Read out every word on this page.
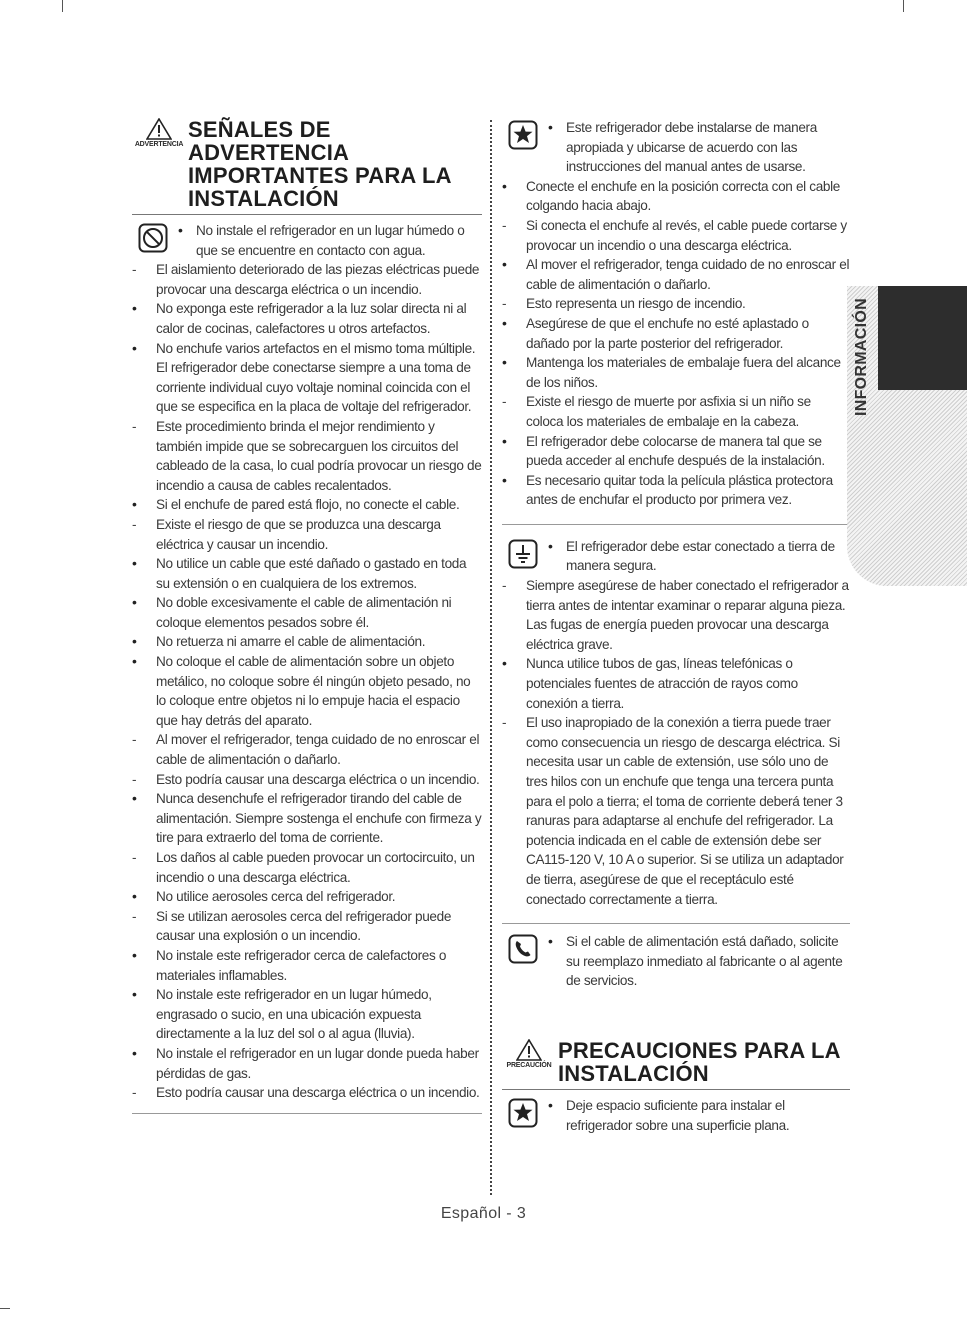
ADVERTENCIA
SEÑALES DE ADVERTENCIA
IMPORTANTES PARA LA
INSTALACIÓN
• No instale el refrigerador en un lugar húmedo o que se encuentre en contacto con agua.
- El aislamiento deteriorado de las piezas eléctricas puede provocar una descarga eléctrica o un incendio.
• No exponga este refrigerador a la luz solar directa ni al calor de cocinas, calefactores u otros artefactos.
• No enchufe varios artefactos en el mismo toma múltiple. El refrigerador debe conectarse siempre a una toma de corriente individual cuyo voltaje nominal coincida con el que se especifica en la placa de voltaje del refrigerador.
- Este procedimiento brinda el mejor rendimiento y también impide que se sobrecarguen los circuitos del cableado de la casa, lo cual podría provocar un riesgo de incendio a causa de cables recalentados.
• Si el enchufe de pared está flojo, no conecte el cable.
- Existe el riesgo de que se produzca una descarga eléctrica y causar un incendio.
• No utilice un cable que esté dañado o gastado en toda su extensión o en cualquiera de los extremos.
• No doble excesivamente el cable de alimentación ni coloque elementos pesados sobre él.
• No retuerza ni amarre el cable de alimentación.
• No coloque el cable de alimentación sobre un objeto metálico, no coloque sobre él ningún objeto pesado, no lo coloque entre objetos ni lo empuje hacia el espacio que hay detrás del aparato.
- Al mover el refrigerador, tenga cuidado de no enroscar el cable de alimentación o dañarlo.
- Esto podría causar una descarga eléctrica o un incendio.
• Nunca desenchufe el refrigerador tirando del cable de alimentación. Siempre sostenga el enchufe con firmeza y tire para extraerlo del toma de corriente.
- Los daños al cable pueden provocar un cortocircuito, un incendio o una descarga eléctrica.
• No utilice aerosoles cerca del refrigerador.
- Si se utilizan aerosoles cerca del refrigerador puede causar una explosión o un incendio.
• No instale este refrigerador cerca de calefactores o materiales inflamables.
• No instale este refrigerador en un lugar húmedo, engrasado o sucio, en una ubicación expuesta directamente a la luz del sol o al agua (lluvia).
• No instale el refrigerador en un lugar donde pueda haber pérdidas de gas.
- Esto podría causar una descarga eléctrica o un incendio.
• Este refrigerador debe instalarse de manera apropiada y ubicarse de acuerdo con las instrucciones del manual antes de usarse.
• Conecte el enchufe en la posición correcta con el cable colgando hacia abajo.
- Si conecta el enchufe al revés, el cable puede cortarse y provocar un incendio o una descarga eléctrica.
• Al mover el refrigerador, tenga cuidado de no enroscar el cable de alimentación o dañarlo.
- Esto representa un riesgo de incendio.
• Asegúrese de que el enchufe no esté aplastado o dañado por la parte posterior del refrigerador.
• Mantenga los materiales de embalaje fuera del alcance de los niños.
- Existe el riesgo de muerte por asfixia si un niño se coloca los materiales de embalaje en la cabeza.
• El refrigerador debe colocarse de manera tal que se pueda acceder al enchufe después de la instalación.
• Es necesario quitar toda la película plástica protectora antes de enchufar el producto por primera vez.
• El refrigerador debe estar conectado a tierra de manera segura.
- Siempre asegúrese de haber conectado el refrigerador a tierra antes de intentar examinar o reparar alguna pieza. Las fugas de energía pueden provocar una descarga eléctrica grave.
• Nunca utilice tubos de gas, líneas telefónicas o potenciales fuentes de atracción de rayos como conexión a tierra.
- El uso inapropiado de la conexión a tierra puede traer como consecuencia un riesgo de descarga eléctrica. Si necesita usar un cable de extensión, use sólo uno de tres hilos con un enchufe que tenga una tercera punta para el polo a tierra; el toma de corriente deberá tener 3 ranuras para adaptarse al enchufe del refrigerador. La potencia indicada en el cable de extensión debe ser CA115-120 V, 10 A o superior. Si se utiliza un adaptador de tierra, asegúrese de que el receptáculo esté conectado correctamente a tierra.
• Si el cable de alimentación está dañado, solicite su reemplazo inmediato al fabricante o al agente de servicios.
PRECAUCIÓN
PRECAUCIONES PARA LA
INSTALACIÓN
• Deje espacio suficiente para instalar el refrigerador sobre una superficie plana.
INFORMACIÓN
Español - 3
